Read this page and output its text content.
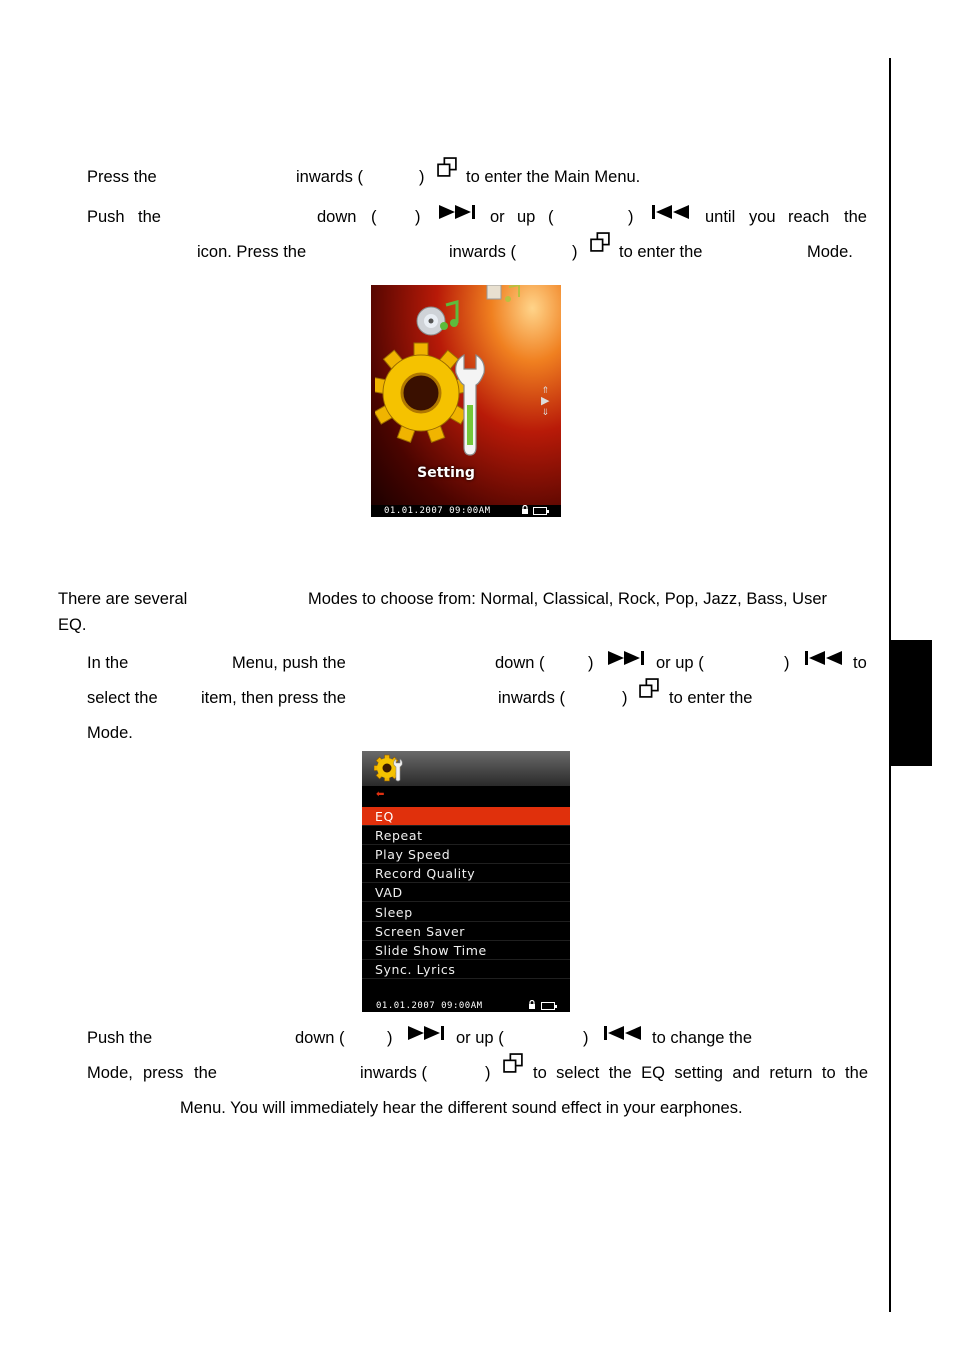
Press the	inwards (	)	to enter the Main Menu.
Push the	down ( )	or up (	)	until you reach the
icon. Press the	inwards (	)	to enter the	Mode.
⇑
▶
⇓
Setting
01.01.2007 09:00AM
There are several	Modes to choose from: Normal, Classical, Rock, Pop, Jazz, Bass, User
EQ.
In the	Menu, push the	down (	)	or up (	)	to
select the	item, then press the	inwards (	)	to enter the
Mode.
⬅
EQ
Repeat
Play Speed
Record Quality
VAD
Sleep
Screen Saver
Slide Show Time
Sync. Lyrics
01.01.2007 09:00AM
Push the	down (	)	or up (	)	to change the
Mode, press the	inwards (	)	to select the EQ setting and return to the
Menu. You will immediately hear the different sound effect in your earphones.
